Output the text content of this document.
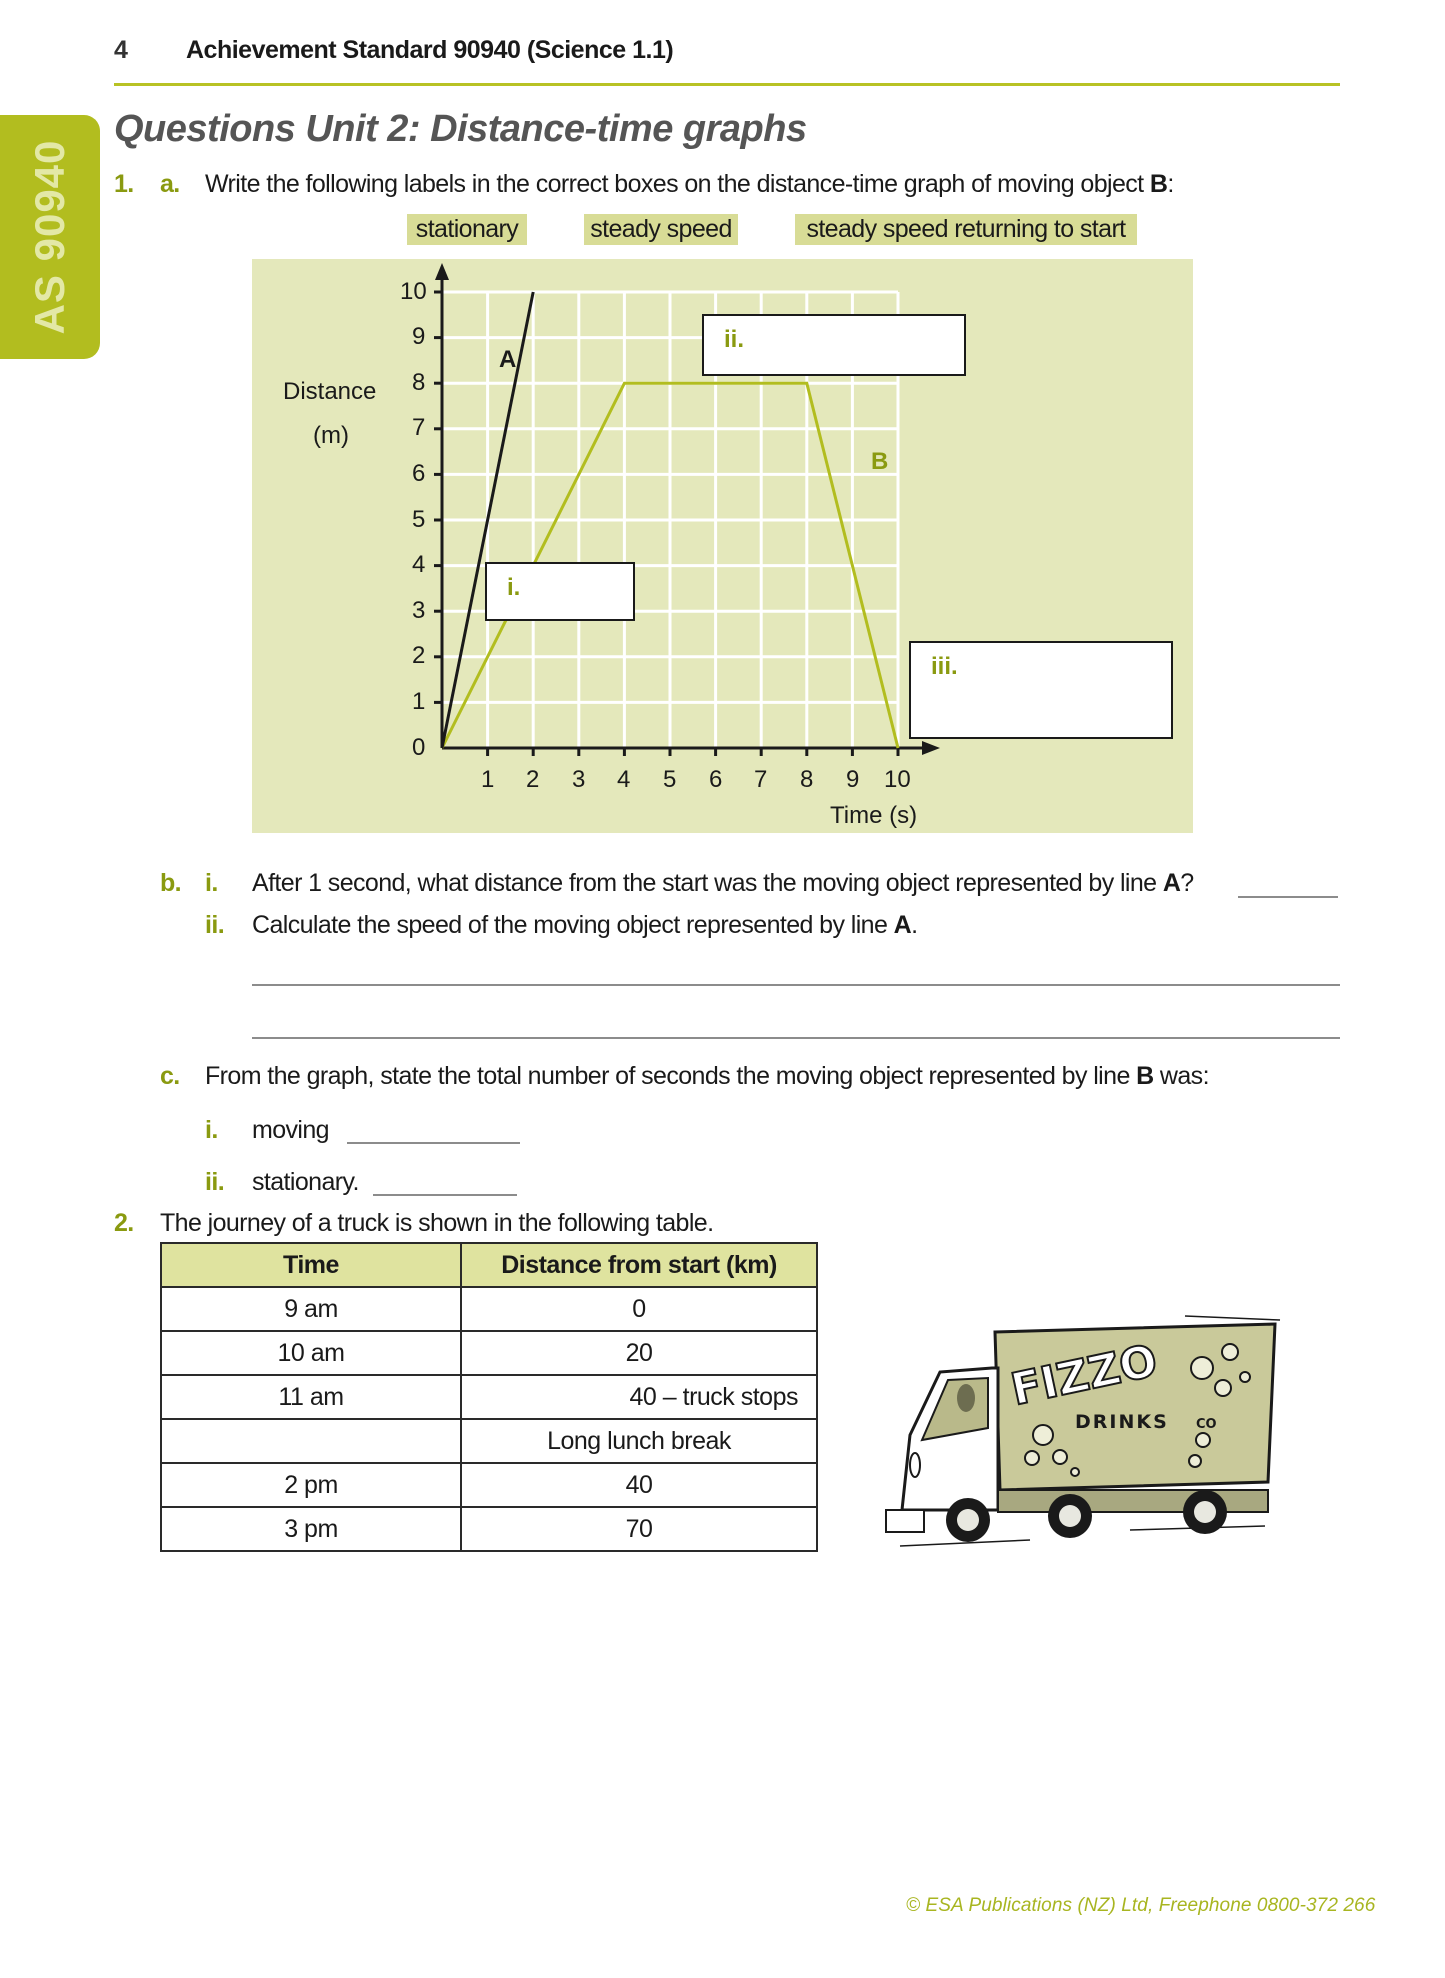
4 Achievement Standard 90940 (Science 1.1)
AS 90940
Questions Unit 2: Distance-time graphs
1. a. Write the following labels in the correct boxes on the distance-time graph of moving object B:
stationary	steady speed	steady speed returning to start
Distance
(m)
10
9
8
7
6
5
4
3
2
1
0
1 2 3 4 5 6 7 8 9 10
Time (s)
A
B
i.
ii.
iii.
b. i. After 1 second, what distance from the start was the moving object represented by line A?
ii. Calculate the speed of the moving object represented by line A.
c. From the graph, state the total number of seconds the moving object represented by line B was:
i. moving
ii. stationary.
2. The journey of a truck is shown in the following table.
Time	Distance from start (km)
9 am	0
10 am	20
11 am	40 – truck stops
	Long lunch break
2 pm	40
3 pm	70
FIZZO
DRINKS CO
© ESA Publications (NZ) Ltd, Freephone 0800-372 266
